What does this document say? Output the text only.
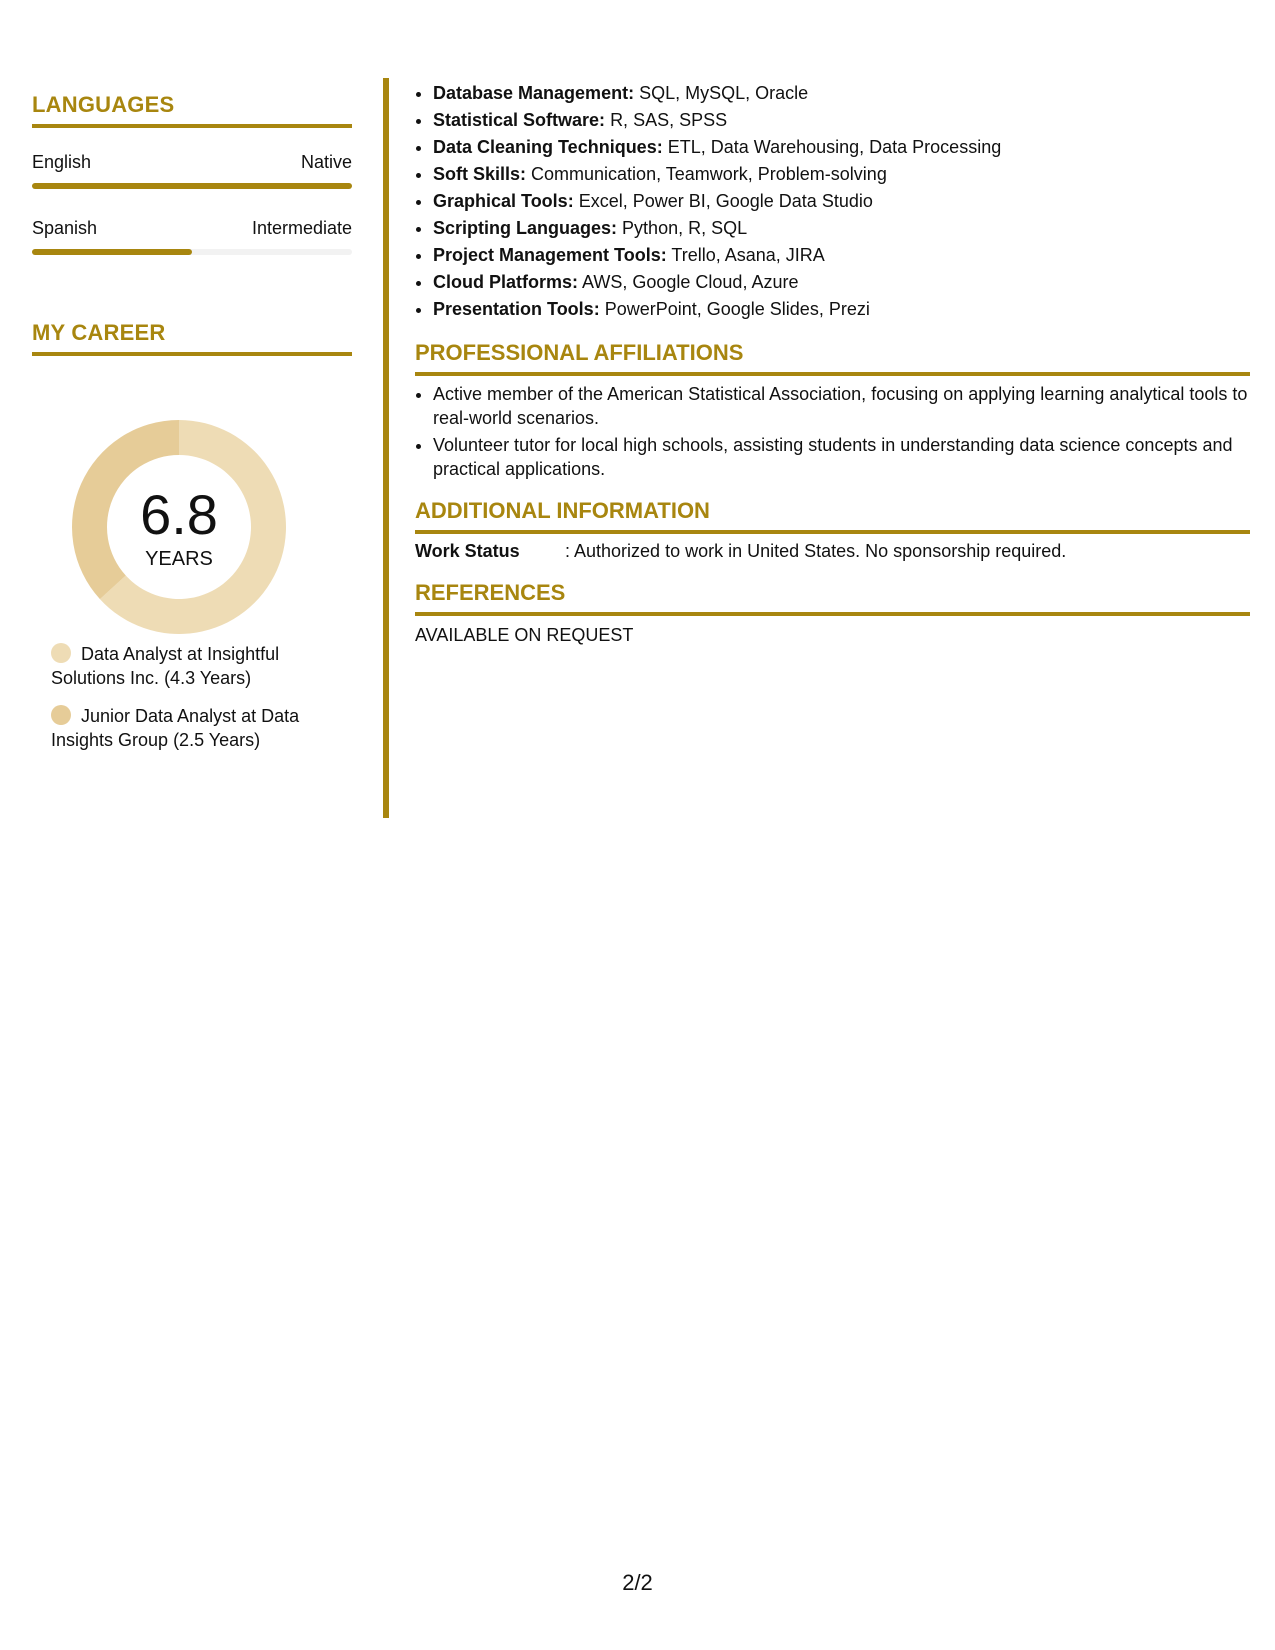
LANGUAGES
English	Native
Spanish	Intermediate
MY CAREER
6.8
YEARS
Data Analyst at Insightful Solutions Inc. (4.3 Years)
Junior Data Analyst at Data Insights Group (2.5 Years)
• Database Management: SQL, MySQL, Oracle
• Statistical Software: R, SAS, SPSS
• Data Cleaning Techniques: ETL, Data Warehousing, Data Processing
• Soft Skills: Communication, Teamwork, Problem-solving
• Graphical Tools: Excel, Power BI, Google Data Studio
• Scripting Languages: Python, R, SQL
• Project Management Tools: Trello, Asana, JIRA
• Cloud Platforms: AWS, Google Cloud, Azure
• Presentation Tools: PowerPoint, Google Slides, Prezi
PROFESSIONAL AFFILIATIONS
• Active member of the American Statistical Association, focusing on applying learning analytical tools to real-world scenarios.
• Volunteer tutor for local high schools, assisting students in understanding data science concepts and practical applications.
ADDITIONAL INFORMATION
Work Status	: Authorized to work in United States. No sponsorship required.
REFERENCES
AVAILABLE ON REQUEST
2/2
